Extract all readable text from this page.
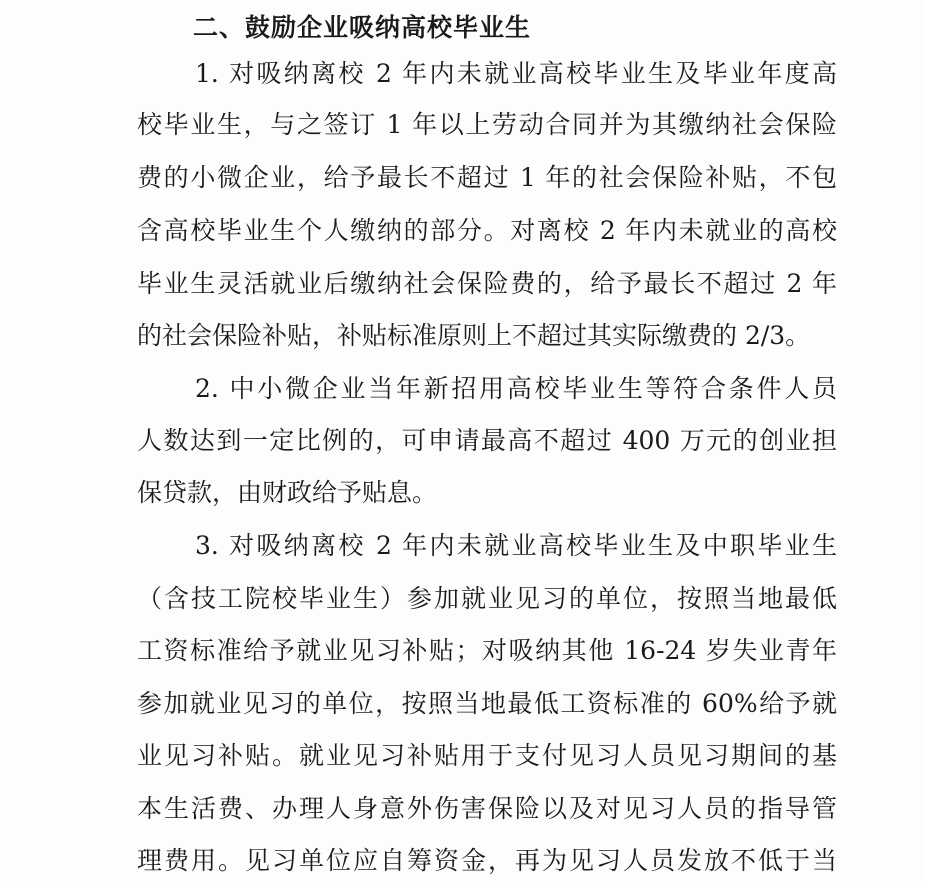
二、鼓励企业吸纳高校毕业生

1. 对吸纳离校 2 年内未就业高校毕业生及毕业年度高

校毕业生，与之签订 1 年以上劳动合同并为其缴纳社会保险

费的小微企业，给予最长不超过 1 年的社会保险补贴，不包

含高校毕业生个人缴纳的部分。对离校 2 年内未就业的高校

毕业生灵活就业后缴纳社会保险费的，给予最长不超过 2 年

的社会保险补贴，补贴标准原则上不超过其实际缴费的 2/3。

2. 中小微企业当年新招用高校毕业生等符合条件人员

人数达到一定比例的，可申请最高不超过 400 万元的创业担

保贷款，由财政给予贴息。

3. 对吸纳离校 2 年内未就业高校毕业生及中职毕业生

（含技工院校毕业生）参加就业见习的单位，按照当地最低

工资标准给予就业见习补贴；对吸纳其他 16-24 岁失业青年

参加就业见习的单位，按照当地最低工资标准的 60%给予就

业见习补贴。就业见习补贴用于支付见习人员见习期间的基

本生活费、办理人身意外伤害保险以及对见习人员的指导管

理费用。见习单位应自筹资金，再为见习人员发放不低于当
